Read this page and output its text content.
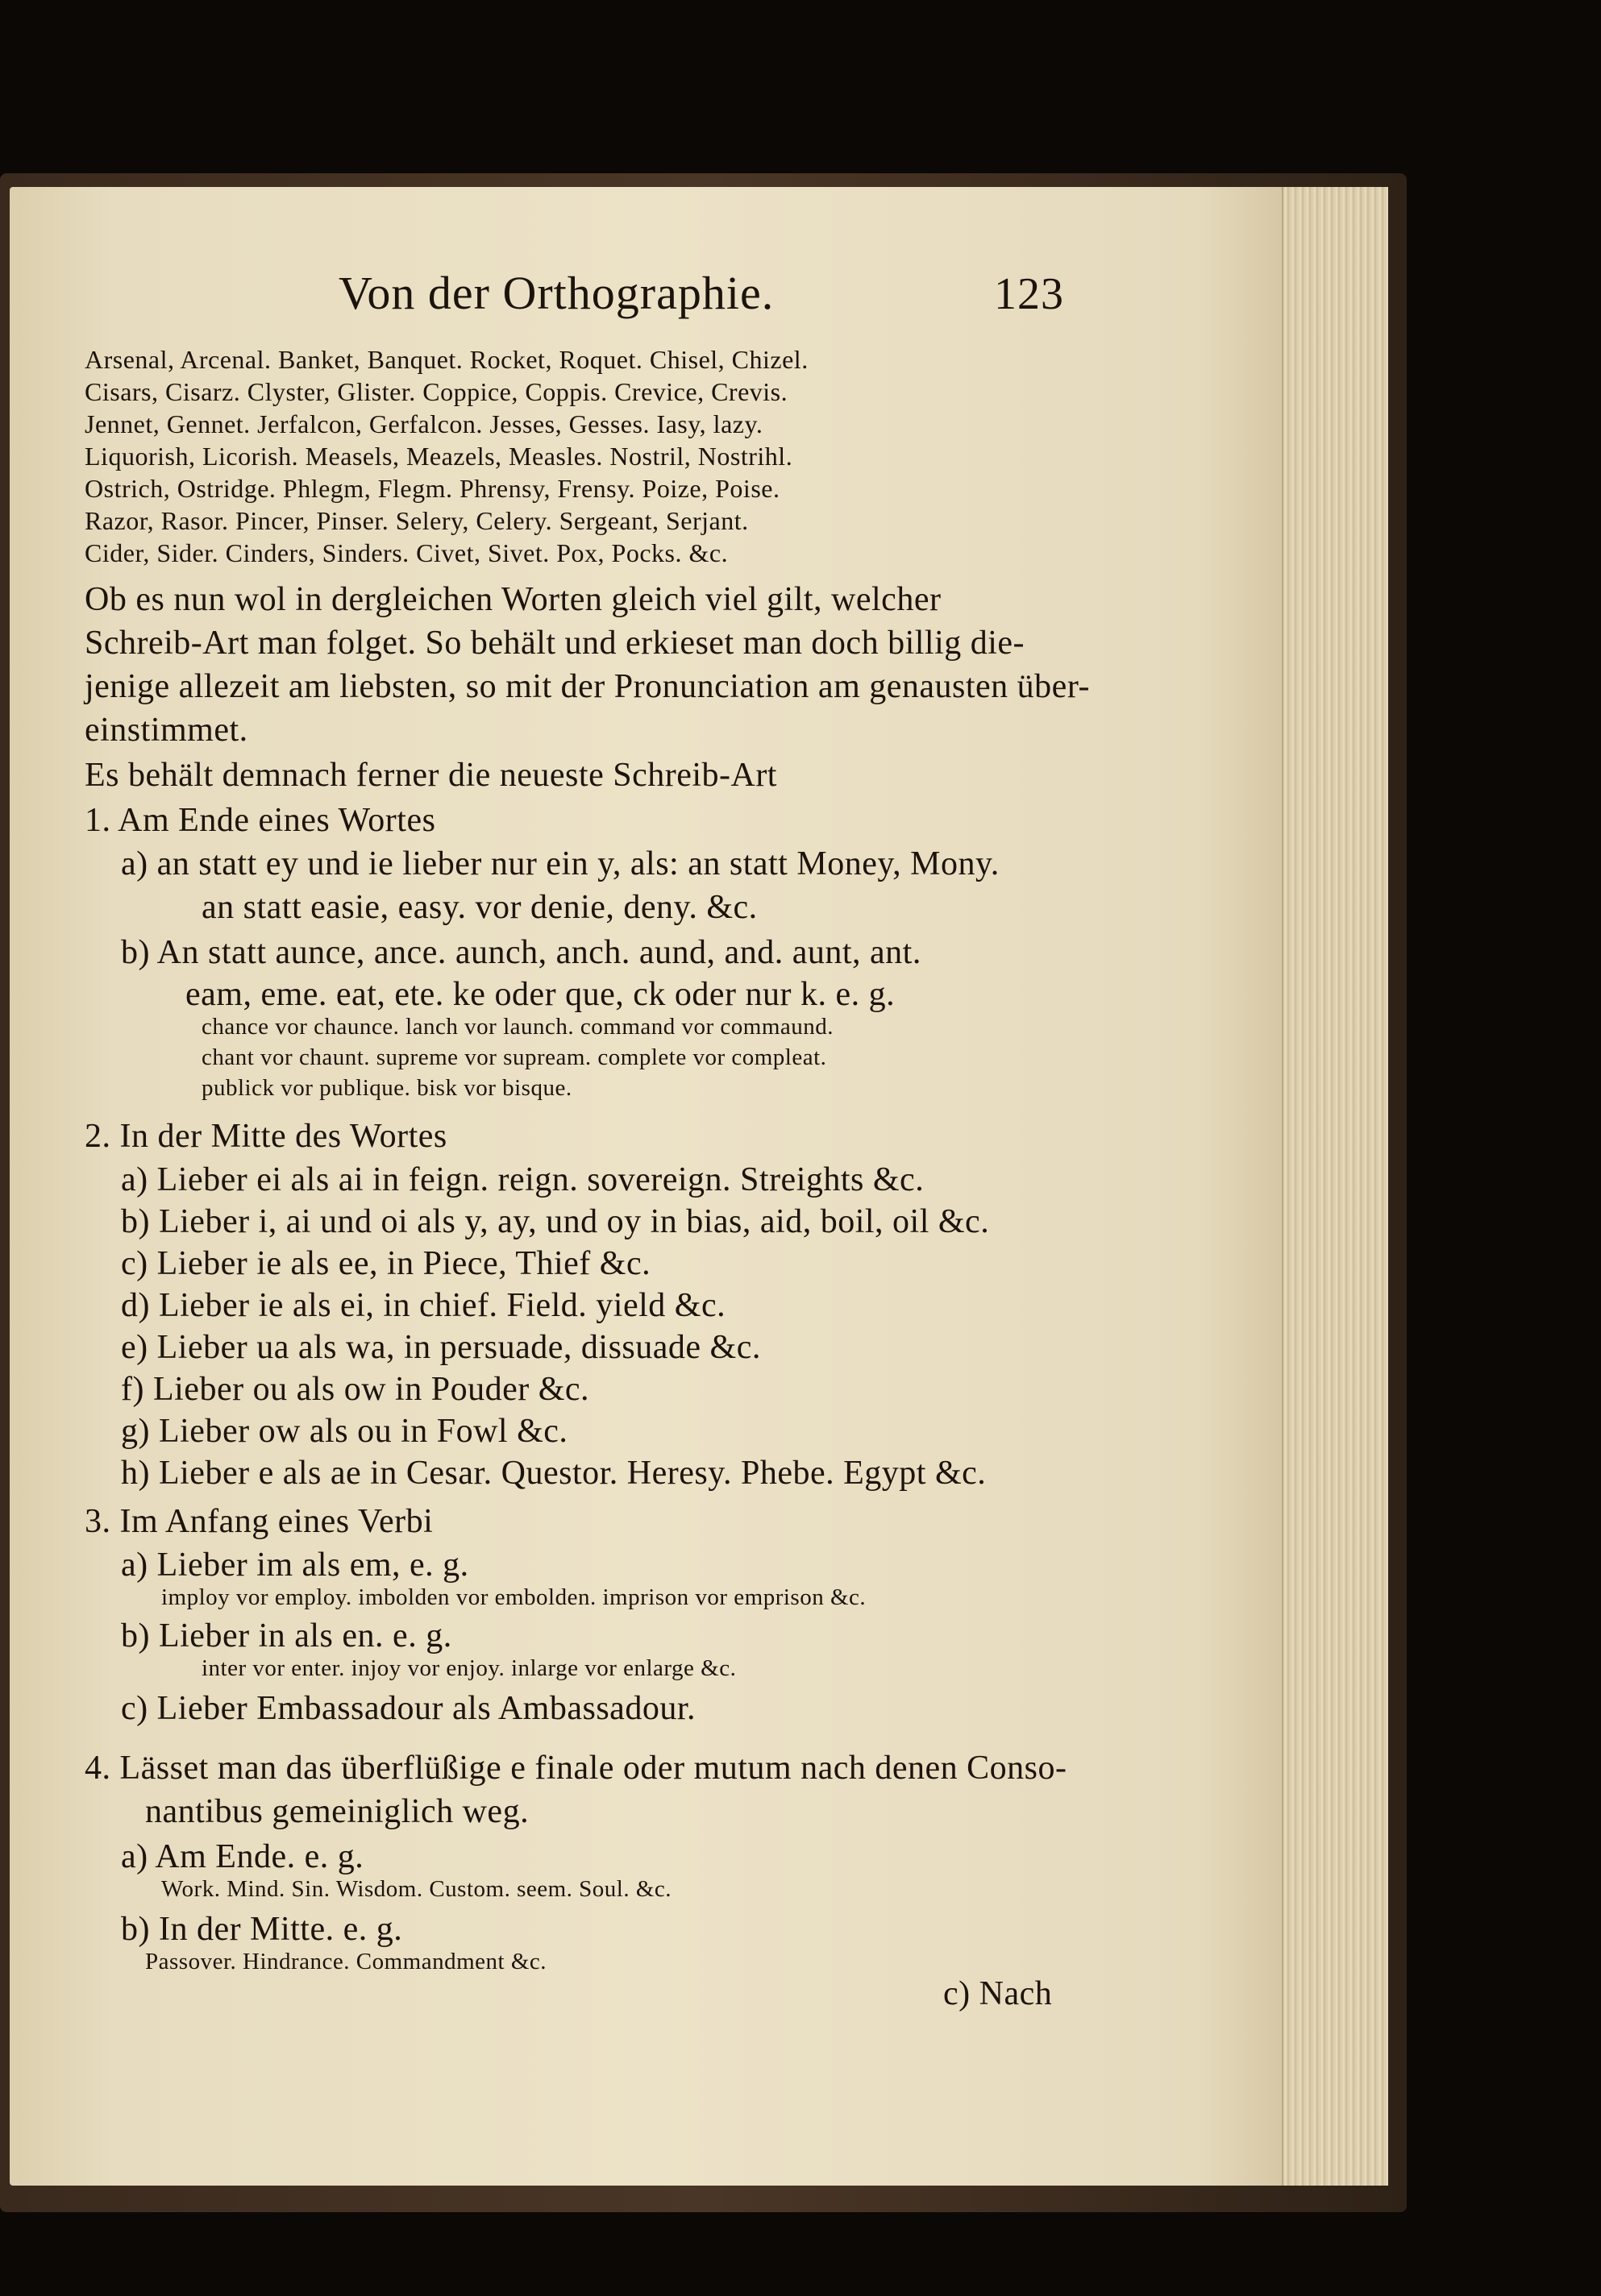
Von der Orthographie.	123
Arsenal, Arcenal. Banket, Banquet. Rocket, Roquet. Chisel, Chizel.
Cisars, Cisarz. Clyster, Glister. Coppice, Coppis. Crevice, Crevis.
Jennet, Gennet. Jerfalcon, Gerfalcon. Jesses, Gesses. Iasy, lazy.
Liquorish, Licorish. Measels, Meazels, Measles. Nostril, Nostrihl.
Ostrich, Ostridge. Phlegm, Flegm. Phrensy, Frensy. Poize, Poise.
Razor, Rasor. Pincer, Pinser. Selery, Celery. Sergeant, Serjant.
Cider, Sider. Cinders, Sinders. Civet, Sivet. Pox, Pocks. &c.
Ob es nun wol in dergleichen Worten gleich viel gilt, welcher
Schreib-Art man folget. So behält und erkieset man doch billig die-
jenige allezeit am liebsten, so mit der Pronunciation am genausten über-
einstimmet.
Es behält demnach ferner die neueste Schreib-Art
1. Am Ende eines Wortes
a) an statt ey und ie lieber nur ein y, als: an statt Money, Mony.
an statt easie, easy. vor denie, deny. &c.
b) An statt aunce, ance. aunch, anch. aund, and. aunt, ant.
eam, eme. eat, ete. ke oder que, ck oder nur k. e. g.
chance vor chaunce. lanch vor launch. command vor commaund.
chant vor chaunt. supreme vor supream. complete vor compleat.
publick vor publique. bisk vor bisque.
2. In der Mitte des Wortes
a) Lieber ei als ai in feign. reign. sovereign. Streights &c.
b) Lieber i, ai und oi als y, ay, und oy in bias, aid, boil, oil &c.
c) Lieber ie als ee, in Piece, Thief &c.
d) Lieber ie als ei, in chief. Field. yield &c.
e) Lieber ua als wa, in persuade, dissuade &c.
f) Lieber ou als ow in Pouder &c.
g) Lieber ow als ou in Fowl &c.
h) Lieber e als ae in Cesar. Questor. Heresy. Phebe. Egypt &c.
3. Im Anfang eines Verbi
a) Lieber im als em, e. g.
imploy vor employ. imbolden vor embolden. imprison vor emprison &c.
b) Lieber in als en. e. g.
inter vor enter. injoy vor enjoy. inlarge vor enlarge &c.
c) Lieber Embassadour als Ambassadour.
4. Lässet man das überflüßige e finale oder mutum nach denen Conso-
nantibus gemeiniglich weg.
a) Am Ende. e. g.
Work. Mind. Sin. Wisdom. Custom. seem. Soul. &c.
b) In der Mitte. e. g.
Passover. Hindrance. Commandment &c.
c) Nach
